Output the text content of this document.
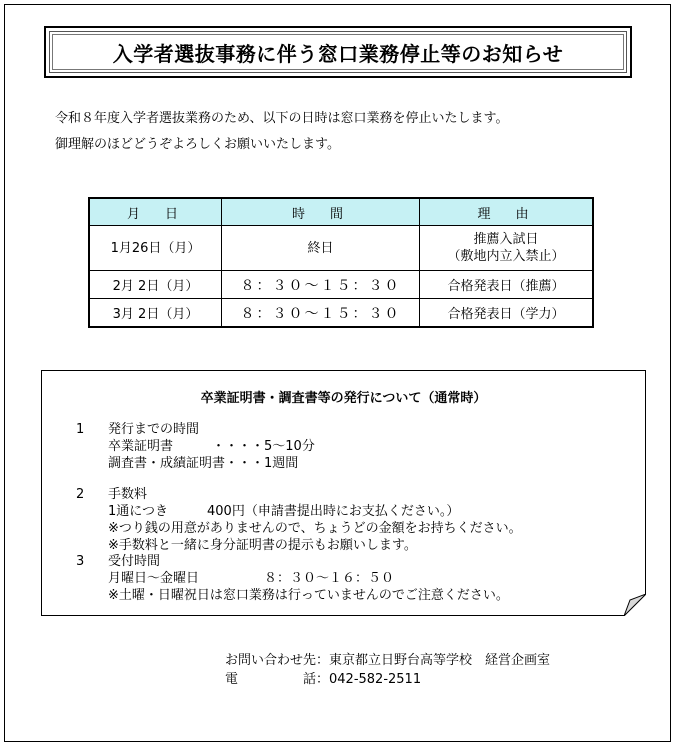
入学者選抜事務に伴う窓口業務停止等のお知らせ
令和８年度入学者選抜業務のため、以下の日時は窓口業務を停止いたします。
御理解のほどどうぞよろしくお願いいたします。
月　日	時　間	理　由
1月26日（月）	終日	推薦入試日
（敷地内立入禁止）

2月 2日（月）	８：３０〜１５：３０	合格発表日（推薦）
3月 2日（月）	８：３０〜１５：３０	合格発表日（学力）
卒業証明書・調査書等の発行について（通常時）
1 発行までの時間
卒業証明書　　　・・・・5〜10分
調査書・成績証明書・・・1週間
2 手数料
1通につき　　　400円（申請書提出時にお支払ください。）
※つり銭の用意がありませんので、ちょうどの金額をお持ちください。
※手数料と一緒に身分証明書の提示もお願いします。
3 受付時間
月曜日〜金曜日　　　　　８：３０〜１６：５０
※土曜・日曜祝日は窓口業務は行っていませんのでご注意ください。
お問い合わせ先：東京都立日野台高等学校　経営企画室
電　　　　　話：042-582-2511
